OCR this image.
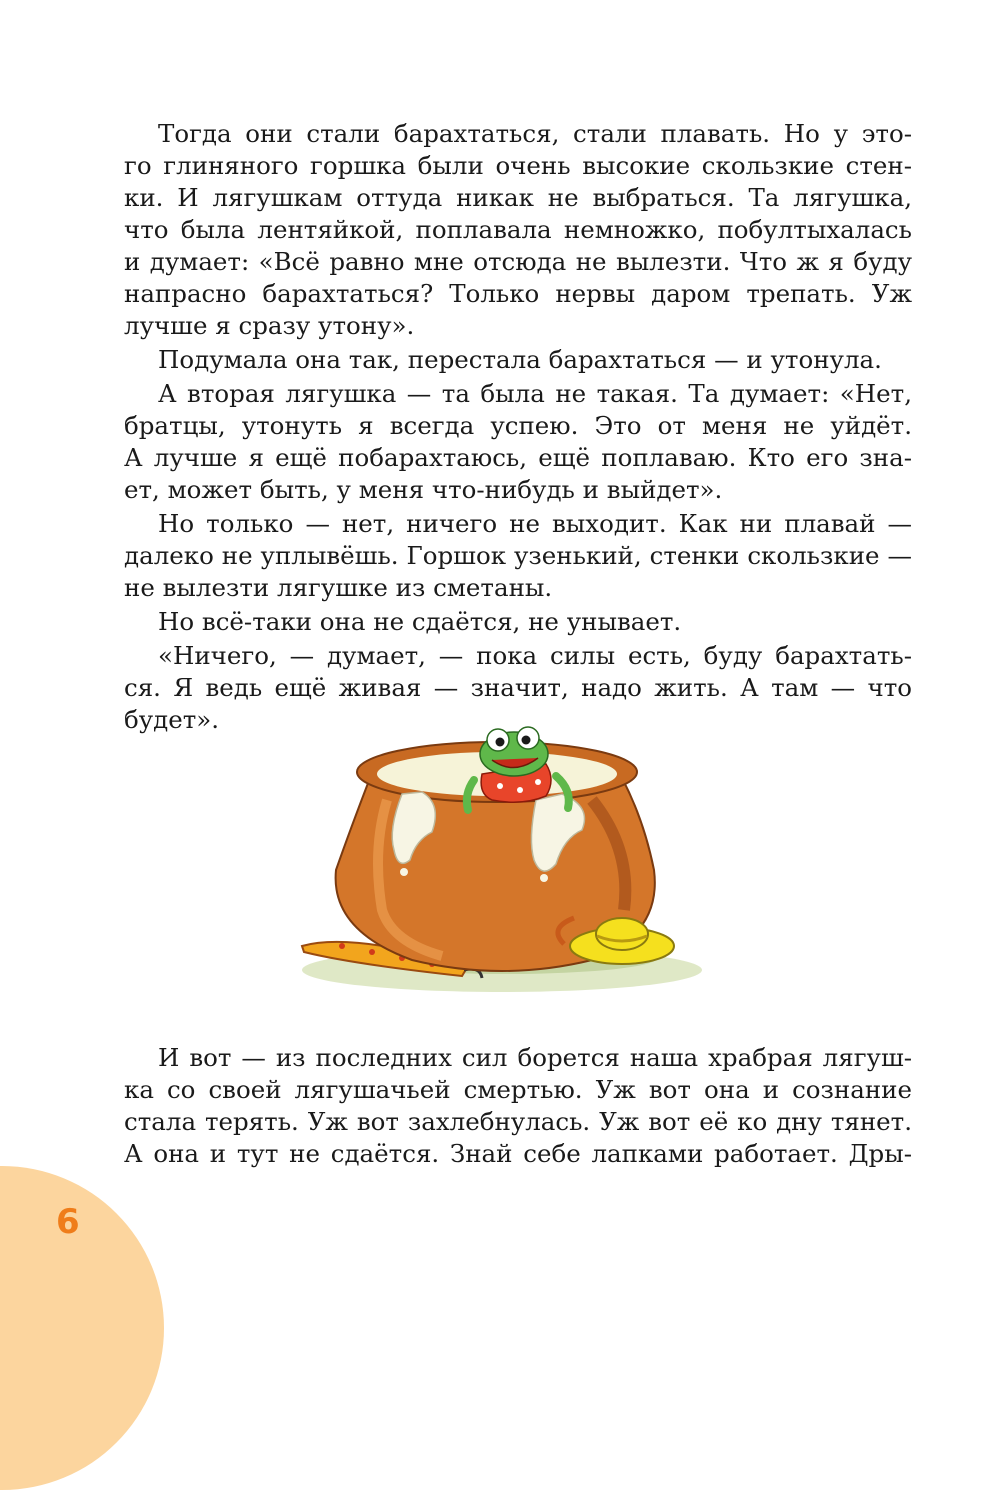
Тогда они стали барахтаться, стали плавать. Но у это-
го глиняного горшка были очень высокие скользкие стен-
ки. И лягушкам оттуда никак не выбраться. Та лягушка,
что была лентяйкой, поплавала немножко, побултыхалась
и думает: «Всё равно мне отсюда не вылезти. Что ж я буду
напрасно барахтаться? Только нервы даром трепать. Уж
лучше я сразу утону».

Подумала она так, перестала барахтаться — и утонула.

А вторая лягушка — та была не такая. Та думает: «Нет,
братцы, утонуть я всегда успею. Это от меня не уйдёт.
А лучше я ещё побарахтаюсь, ещё поплаваю. Кто его зна-
ет, может быть, у меня что-нибудь и выйдет».

Но только — нет, ничего не выходит. Как ни плавай —
далеко не уплывёшь. Горшок узенький, стенки скользкие —
не вылезти лягушке из сметаны.

Но всё-таки она не сдаётся, не унывает.

«Ничего, — думает, — пока силы есть, буду барахтать-
ся. Я ведь ещё живая — значит, надо жить. А там — что
будет».

И вот — из последних сил борется наша храбрая лягуш-
ка со своей лягушачьей смертью. Уж вот она и сознание
стала терять. Уж вот захлебнулась. Уж вот её ко дну тянет.
А она и тут не сдаётся. Знай себе лапками работает. Дры-

6
